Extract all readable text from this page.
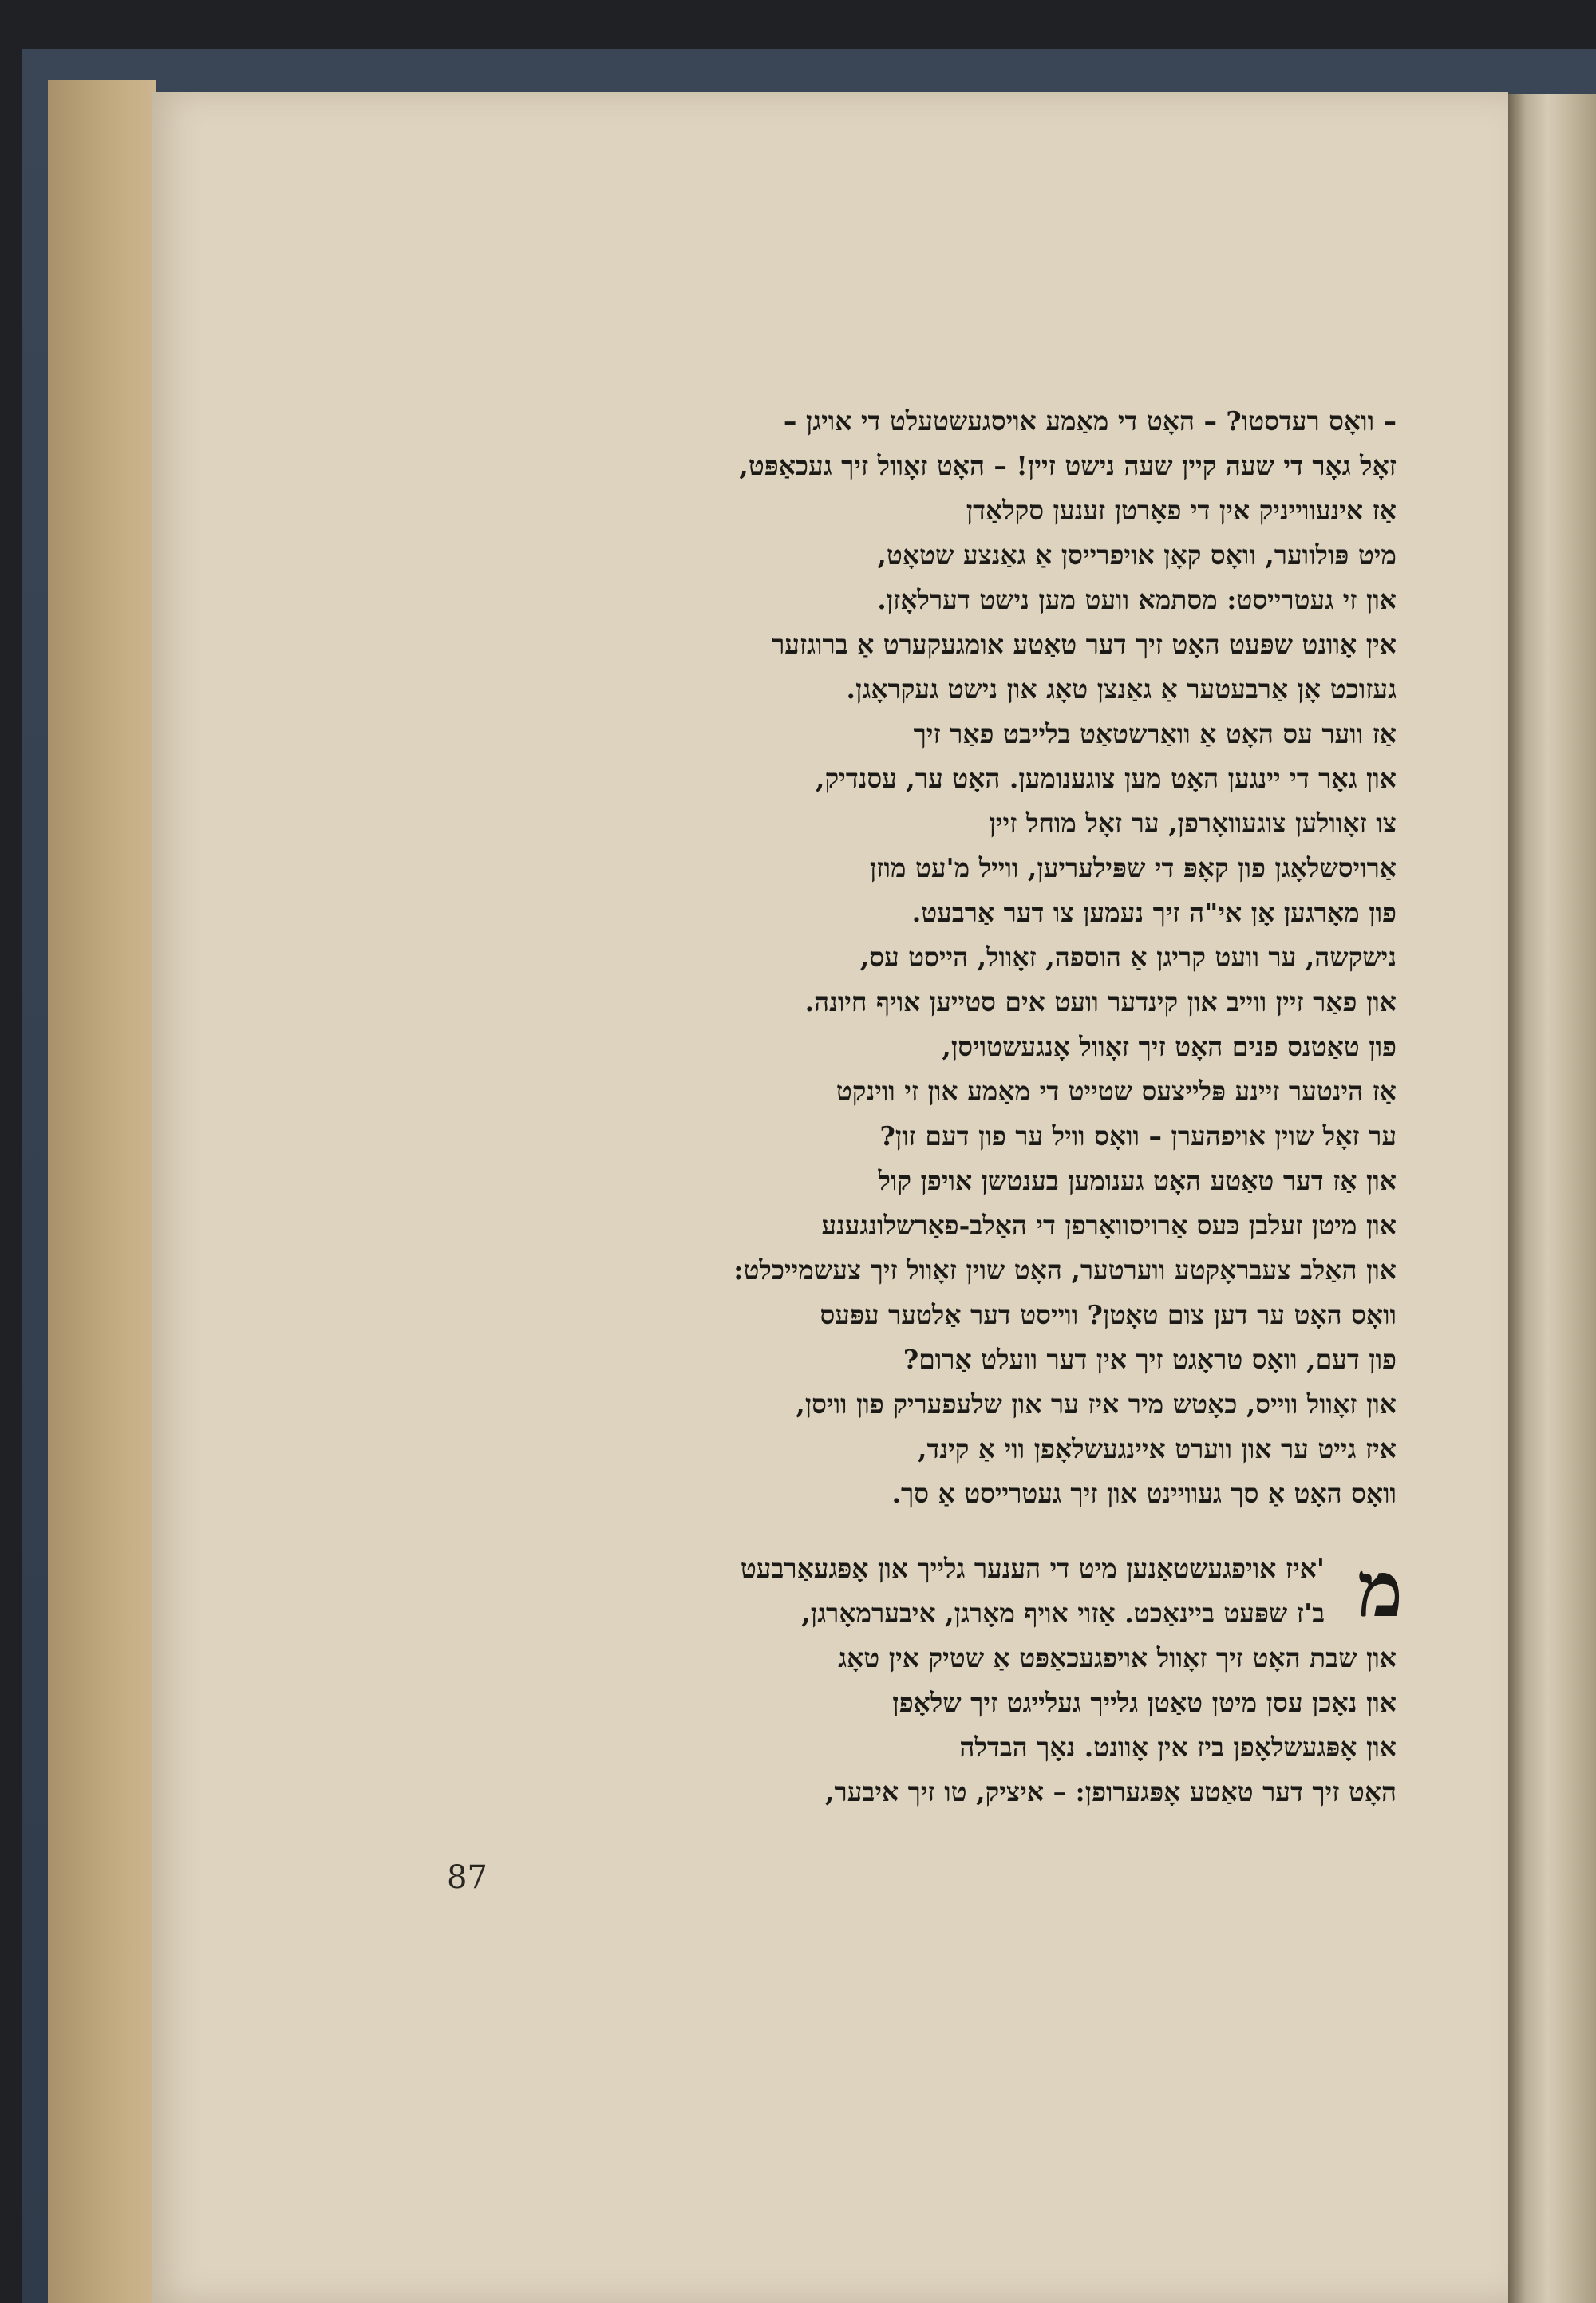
– וואָס רעדסטו? – האָט די מאַמע אויסגעשטעלט די אויגן –
זאָל גאָר די שעה קיין שעה נישט זיין! – האָט זאָוול זיך געכאַפּט,
אַז אינעווייניק אין די פאָרטן זענען סקלאַדן
מיט פּולווער, וואָס קאָן אויפרייסן אַ גאַנצע שטאָט,
און זי געטרייסט: מסתמא וועט מען נישט דערלאָזן.
אין אָוונט שפּעט האָט זיך דער טאַטע אומגעקערט אַ ברוגזער
געזוכט אָן אַרבעטער אַ גאַנצן טאָג און נישט געקראָגן.
אַז ווער עס האָט אַ וואַרשטאַט בלייבט פאַר זיך
און גאָר די יינגען האָט מען צוגענומען. האָט ער, עסנדיק,
צו זאָוולען צוגעוואָרפן, ער זאָל מוחל זיין
אַרויסשלאָגן פון קאָפּ די שפּילעריען, ווייל מ'עט מוזן
פון מאָרגען אָן אי"ה זיך נעמען צו דער אַרבעט.
נישקשה, ער וועט קריגן אַ הוספה, זאָוול, הייסט עס,
און פאַר זיין ווייב און קינדער וועט אים סטייען אויף חיונה.
פון טאַטנס פנים האָט זיך זאָוול אָנגעשטויסן,
אַז הינטער זיינע פּלייצעס שטייט די מאַמע און זי ווינקט
ער זאָל שוין אויפהערן – וואָס וויל ער פון דעם זון?
און אַז דער טאַטע האָט גענומען בענטשן אויפן קול
און מיטן זעלבן כּעס אַרויסוואָרפן די האַלב-פאַרשלונגענע
און האַלב צעבראָקטע ווערטער, האָט שוין זאָוול זיך צעשמייכלט:
וואָס האָט ער דען צום טאָטן? ווייסט דער אַלטער עפּעס
פון דעם, וואָס טראָגט זיך אין דער וועלט אַרום?
און זאָוול ווייס, כאָטש מיר איז ער און שלעפעריק פון וויסן,
איז גייט ער און ווערט איינגעשלאָפן ווי אַ קינד,
וואָס האָט אַ סך געוויינט און זיך געטרייסט אַ סך.
מ
'איז אויפגעשטאַנען מיט די הענער גלייך און אָפּגעאַרבעט
ב'ז שפּעט ביינאַכט. אַזוי אויף מאָרגן, איבערמאָרגן,
און שבת האָט זיך זאָוול אויפגעכאַפּט אַ שטיק אין טאָג
און נאָכן עסן מיטן טאַטן גלייך געלייגט זיך שלאָפן
און אָפּגעשלאָפן ביז אין אָוונט. נאָך הבדלה
האָט זיך דער טאַטע אָפּגערופן: – איציק, טו זיך איבער,
87
